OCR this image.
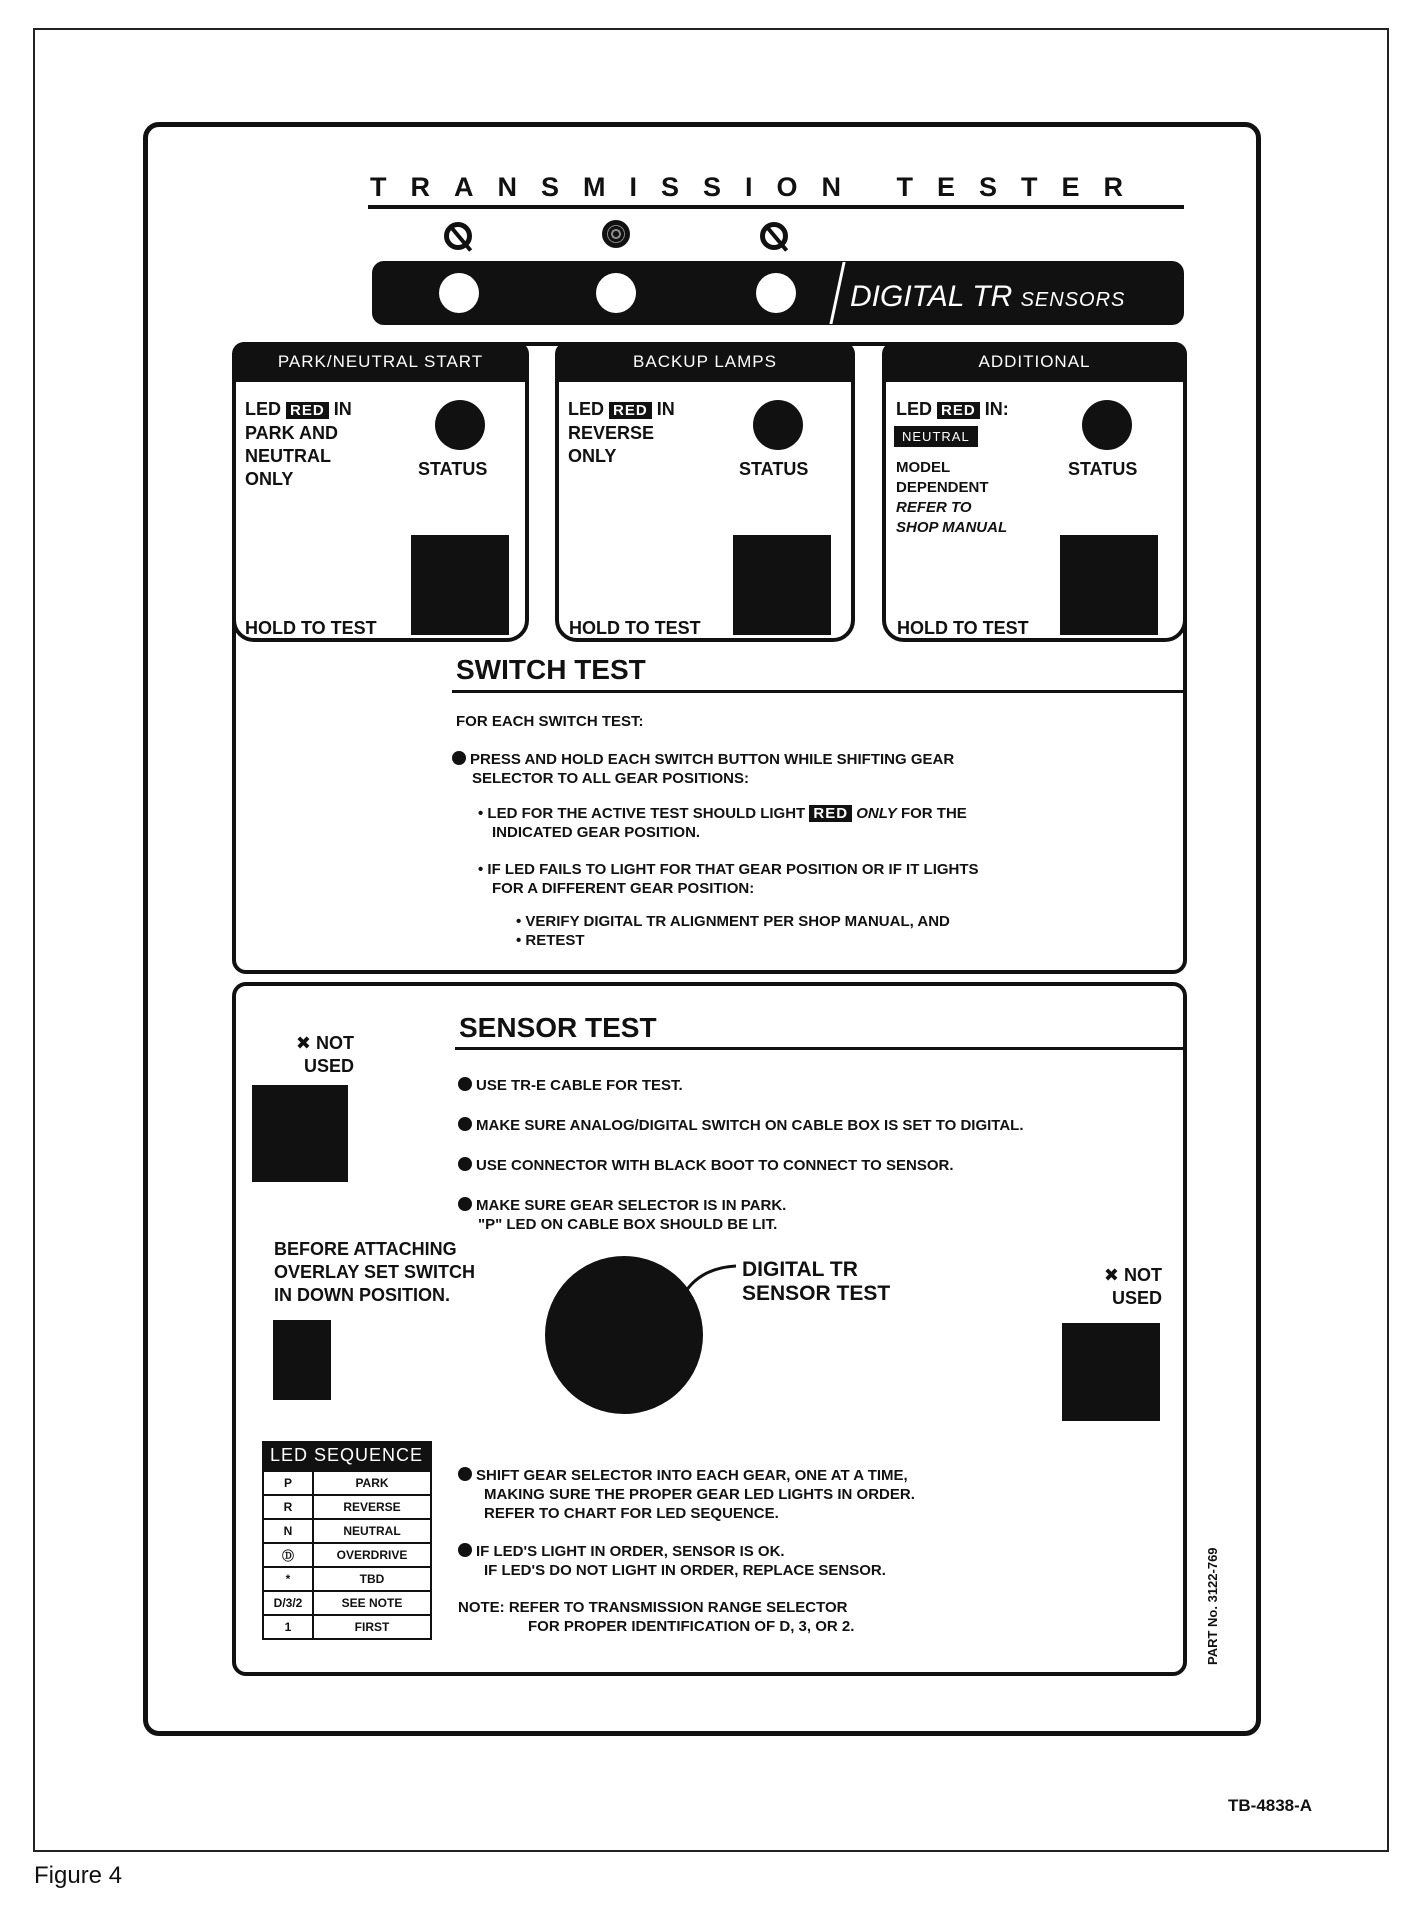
TRANSMISSION TESTER
DIGITAL TR SENSORS
PARK/NEUTRAL START
LED RED IN
PARK AND
NEUTRAL
ONLY	STATUS
HOLD TO TEST
BACKUP LAMPS
LED RED IN
REVERSE
ONLY
STATUS
HOLD TO TEST
ADDITIONAL
LED RED IN:
NEUTRAL
MODEL
DEPENDENT
REFER TO
SHOP MANUAL
STATUS
HOLD TO TEST
SWITCH TEST
FOR EACH SWITCH TEST:
PRESS AND HOLD EACH SWITCH BUTTON WHILE SHIFTING GEAR
SELECTOR TO ALL GEAR POSITIONS:
• LED FOR THE ACTIVE TEST SHOULD LIGHT RED ONLY FOR THE
INDICATED GEAR POSITION.
• IF LED FAILS TO LIGHT FOR THAT GEAR POSITION OR IF IT LIGHTS
FOR A DIFFERENT GEAR POSITION:
• VERIFY DIGITAL TR ALIGNMENT PER SHOP MANUAL, AND
• RETEST
SENSOR TEST
✖ NOT
USED
USE TR-E CABLE FOR TEST.
MAKE SURE ANALOG/DIGITAL SWITCH ON CABLE BOX IS SET TO DIGITAL.
USE CONNECTOR WITH BLACK BOOT TO CONNECT TO SENSOR.
MAKE SURE GEAR SELECTOR IS IN PARK.
"P" LED ON CABLE BOX SHOULD BE LIT.
BEFORE ATTACHING
OVERLAY SET SWITCH
IN DOWN POSITION.
DIGITAL TR
SENSOR TEST
✖ NOT
USED
LED SEQUENCE
P	PARK
R	REVERSE
N	NEUTRAL
Ⓓ	OVERDRIVE
*	TBD
D/3/2	SEE NOTE
1	FIRST
SHIFT GEAR SELECTOR INTO EACH GEAR, ONE AT A TIME,
MAKING SURE THE PROPER GEAR LED LIGHTS IN ORDER.
REFER TO CHART FOR LED SEQUENCE.
IF LED'S LIGHT IN ORDER, SENSOR IS OK.
IF LED'S DO NOT LIGHT IN ORDER, REPLACE SENSOR.
NOTE: REFER TO TRANSMISSION RANGE SELECTOR
FOR PROPER IDENTIFICATION OF D, 3, OR 2.	PART No. 3122-769
TB-4838-A
Figure 4
